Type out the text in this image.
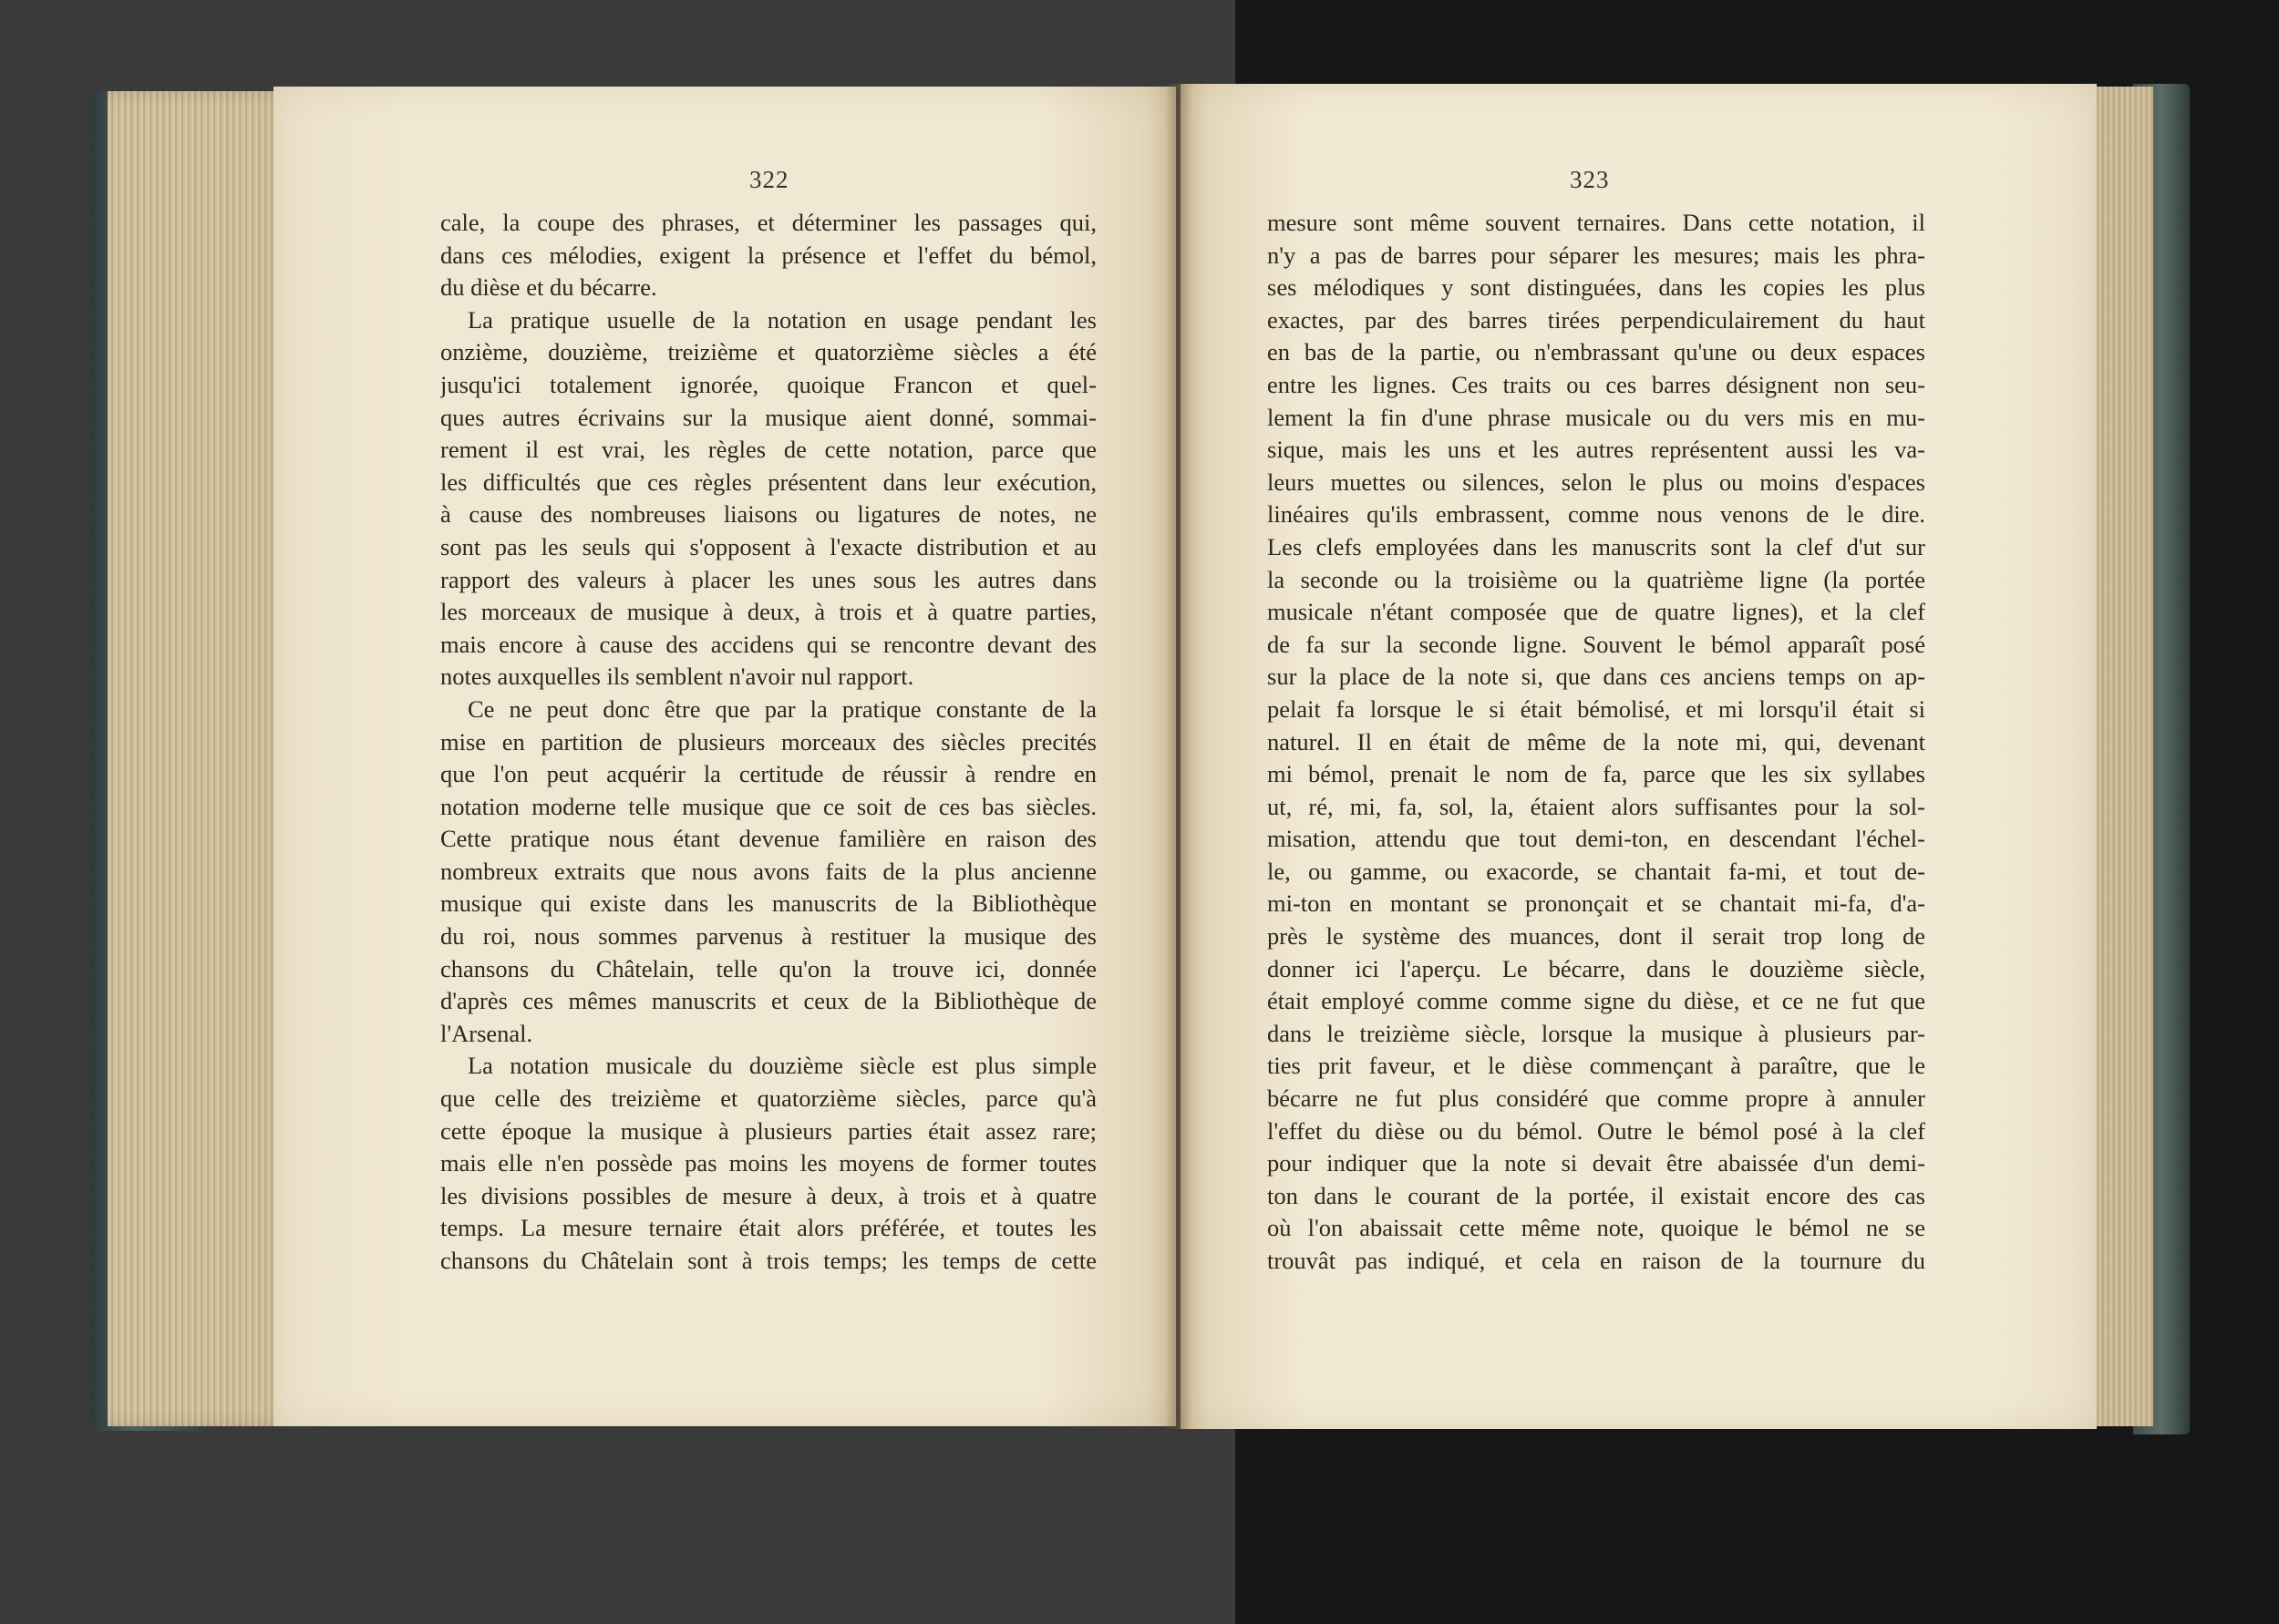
322	323
cale, la coupe des phrases, et déterminer les passages qui,
dans ces mélodies, exigent la présence et l'effet du bémol,
du dièse et du bécarre.
La pratique usuelle de la notation en usage pendant les
onzième, douzième, treizième et quatorzième siècles a été
jusqu'ici totalement ignorée, quoique Francon et quel-
ques autres écrivains sur la musique aient donné, sommai-
rement il est vrai, les règles de cette notation, parce que
les difficultés que ces règles présentent dans leur exécution,
à cause des nombreuses liaisons ou ligatures de notes, ne
sont pas les seuls qui s'opposent à l'exacte distribution et au
rapport des valeurs à placer les unes sous les autres dans
les morceaux de musique à deux, à trois et à quatre parties,
mais encore à cause des accidens qui se rencontre devant des
notes auxquelles ils semblent n'avoir nul rapport.
Ce ne peut donc être que par la pratique constante de la
mise en partition de plusieurs morceaux des siècles precités
que l'on peut acquérir la certitude de réussir à rendre en
notation moderne telle musique que ce soit de ces bas siècles.
Cette pratique nous étant devenue familière en raison des
nombreux extraits que nous avons faits de la plus ancienne
musique qui existe dans les manuscrits de la Bibliothèque
du roi, nous sommes parvenus à restituer la musique des
chansons du Châtelain, telle qu'on la trouve ici, donnée
d'après ces mêmes manuscrits et ceux de la Bibliothèque de
l'Arsenal.
La notation musicale du douzième siècle est plus simple
que celle des treizième et quatorzième siècles, parce qu'à
cette époque la musique à plusieurs parties était assez rare;
mais elle n'en possède pas moins les moyens de former toutes
les divisions possibles de mesure à deux, à trois et à quatre
temps. La mesure ternaire était alors préférée, et toutes les
chansons du Châtelain sont à trois temps; les temps de cette
mesure sont même souvent ternaires. Dans cette notation, il
n'y a pas de barres pour séparer les mesures; mais les phra-
ses mélodiques y sont distinguées, dans les copies les plus
exactes, par des barres tirées perpendiculairement du haut
en bas de la partie, ou n'embrassant qu'une ou deux espaces
entre les lignes. Ces traits ou ces barres désignent non seu-
lement la fin d'une phrase musicale ou du vers mis en mu-
sique, mais les uns et les autres représentent aussi les va-
leurs muettes ou silences, selon le plus ou moins d'espaces
linéaires qu'ils embrassent, comme nous venons de le dire.
Les clefs employées dans les manuscrits sont la clef d'ut sur
la seconde ou la troisième ou la quatrième ligne (la portée
musicale n'étant composée que de quatre lignes), et la clef
de fa sur la seconde ligne. Souvent le bémol apparaît posé
sur la place de la note si, que dans ces anciens temps on ap-
pelait fa lorsque le si était bémolisé, et mi lorsqu'il était si
naturel. Il en était de même de la note mi, qui, devenant
mi bémol, prenait le nom de fa, parce que les six syllabes
ut, ré, mi, fa, sol, la, étaient alors suffisantes pour la sol-
misation, attendu que tout demi-ton, en descendant l'échel-
le, ou gamme, ou exacorde, se chantait fa-mi, et tout de-
mi-ton en montant se prononçait et se chantait mi-fa, d'a-
près le système des muances, dont il serait trop long de
donner ici l'aperçu. Le bécarre, dans le douzième siècle,
était employé comme comme signe du dièse, et ce ne fut que
dans le treizième siècle, lorsque la musique à plusieurs par-
ties prit faveur, et le dièse commençant à paraître, que le
bécarre ne fut plus considéré que comme propre à annuler
l'effet du dièse ou du bémol. Outre le bémol posé à la clef
pour indiquer que la note si devait être abaissée d'un demi-
ton dans le courant de la portée, il existait encore des cas
où l'on abaissait cette même note, quoique le bémol ne se
trouvât pas indiqué, et cela en raison de la tournure du
